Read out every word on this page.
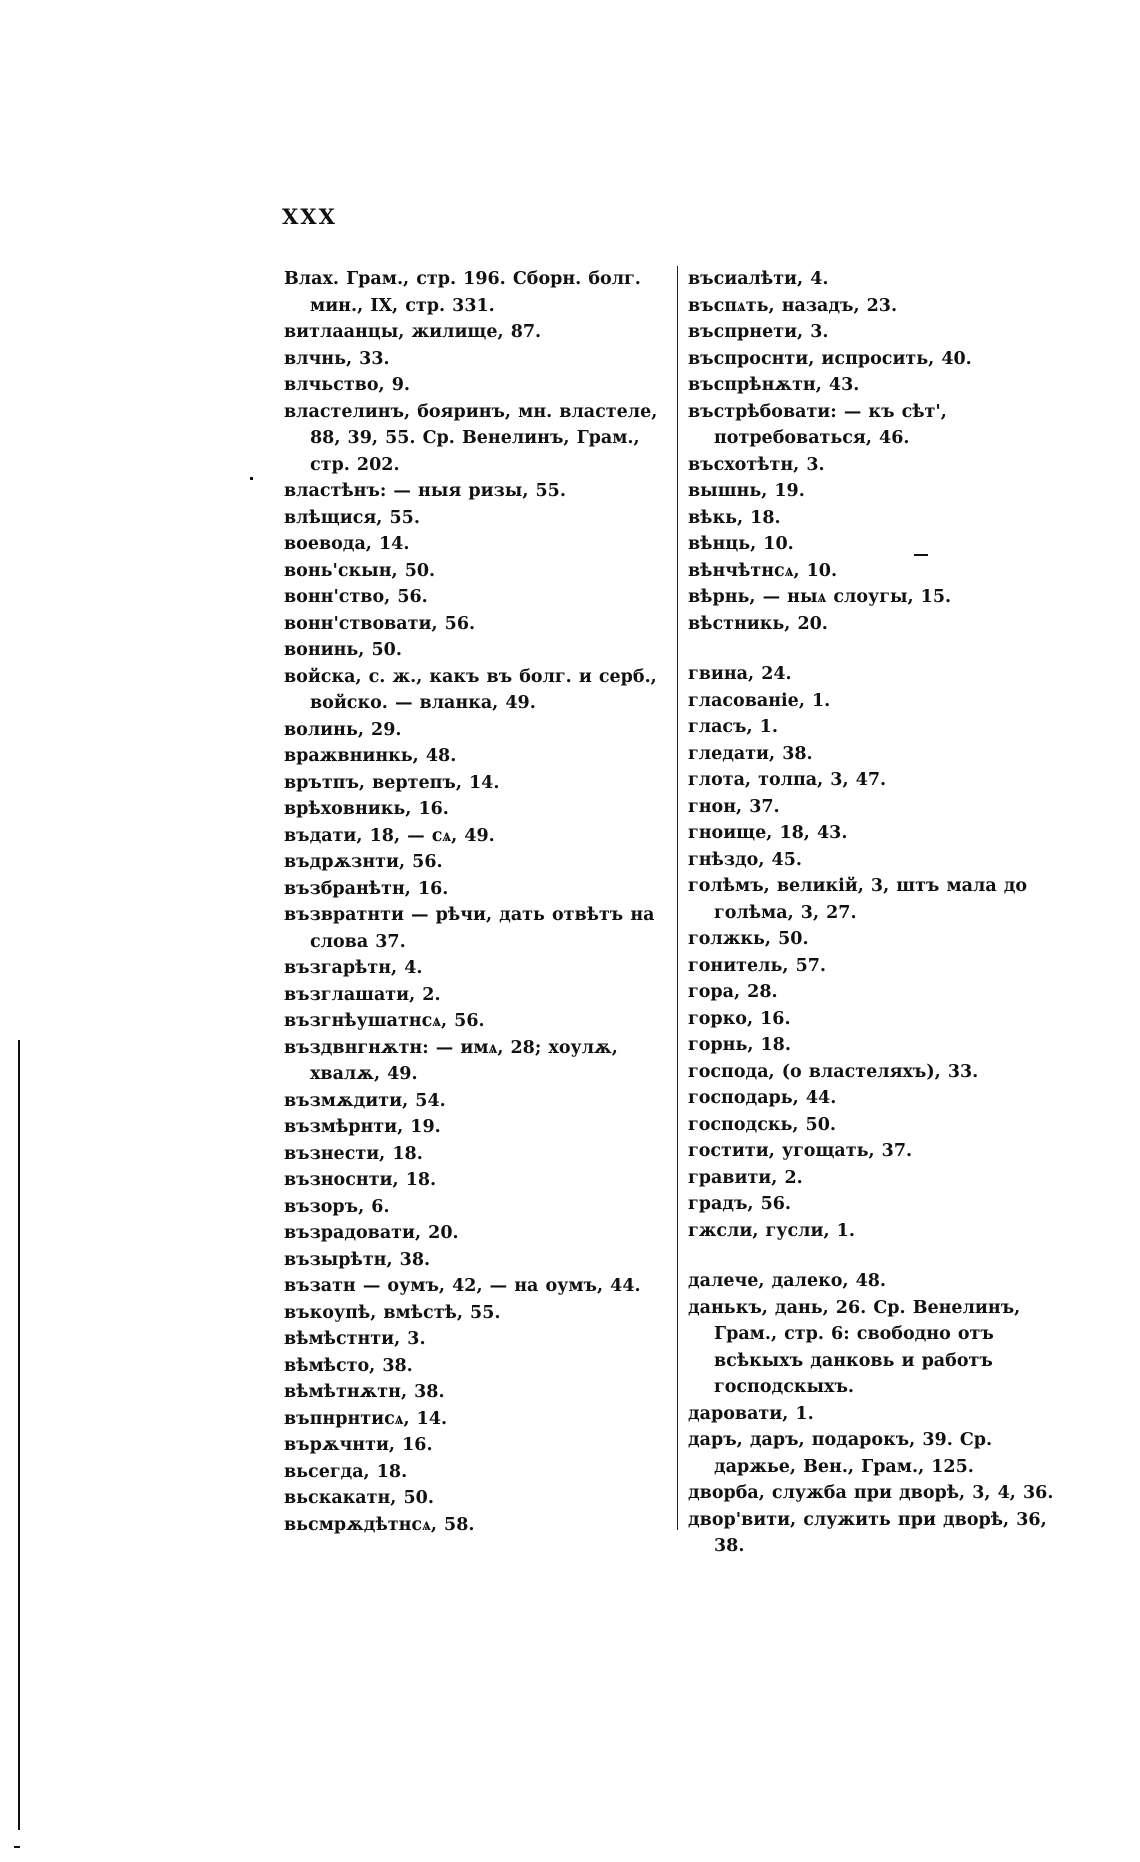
XXX
Влах. Грам., стр. 196. Сборн. болг. мин., IX, стр. 331.
витлаанцы, жилище, 87.
влчнь, 33.
влчьство, 9.
властелинъ, бояринъ, мн. властелe, 88, 39, 55. Ср. Венелинъ, Грам., стр. 202.
властѣнъ: — ныя ризы, 55.
влѣщися, 55.
воевода, 14.
вонь'скын, 50.
вонн'ство, 56.
вонн'ствовати, 56.
вонинь, 50.
войска, с. ж., какъ въ болг. и серб., войско. — вланка, 49.
волинь, 29.
вражвнинкь, 48.
врътпъ, вертепъ, 14.
врѣховникь, 16.
въдати, 18, — сѧ, 49.
въдрѫзнти, 56.
възбранѣтн, 16.
възвратнти — рѣчи, дать отвѣтъ на слова 37.
възгарѣтн, 4.
възглашати, 2.
възгнѣушатнсѧ, 56.
въздвнгнѫтн: — имѧ, 28; хоулѫ, хвалѫ, 49.
възмѫдити, 54.
възмѣрнти, 19.
възнести, 18.
възноснти, 18.
възоръ, 6.
възрадовати, 20.
възырѣтн, 38.
възатн — оумъ, 42, — на оумъ, 44.
въкоупѣ, вмѣстѣ, 55.
вѣмѣстнти, 3.
вѣмѣсто, 38.
вѣмѣтнѫтн, 38.
въпнрнтисѧ, 14.
върѫчнти, 16.
вьсегда, 18.
вьскакатн, 50.
вьсмрѫдѣтнсѧ, 58.
въсиалѣти, 4.
въспѧть, назадъ, 23.
въспрнети, 3.
въспроснти, испросить, 40.
въспрѣнѫтн, 43.
въстрѣбовати: — къ сѣт', потребоваться, 46.
въсхотѣтн, 3.
вышнь, 19.
вѣкь, 18.
вѣнць, 10.
вѣнчѣтнсѧ, 10.
вѣрнь, — ныѧ слоугы, 15.
вѣстникь, 20.
гвина, 24.
гласованіе, 1.
гласъ, 1.
гледати, 38.
глота, толпа, 3, 47.
гнон, 37.
гноище, 18, 43.
гнѣздо, 45.
голѣмъ, великій, 3, штъ мала до голѣма, 3, 27.
голжкь, 50.
гонитель, 57.
гора, 28.
горко, 16.
горнь, 18.
господа, (о властеляхъ), 33.
господарь, 44.
господскь, 50.
гостити, угощать, 37.
гравити, 2.
градъ, 56.
гжсли, гусли, 1.
далече, далеко, 48.
данькъ, дань, 26. Ср. Венелинъ, Грам., стр. 6: свободно отъ всѣкыхъ данковь и работъ господскыхъ.
даровати, 1.
даръ, даръ, подарокъ, 39. Ср. даржье, Вен., Грам., 125.
дворба, служба при дворѣ, 3, 4, 36.
двор'вити, служить при дворѣ, 36, 38.
